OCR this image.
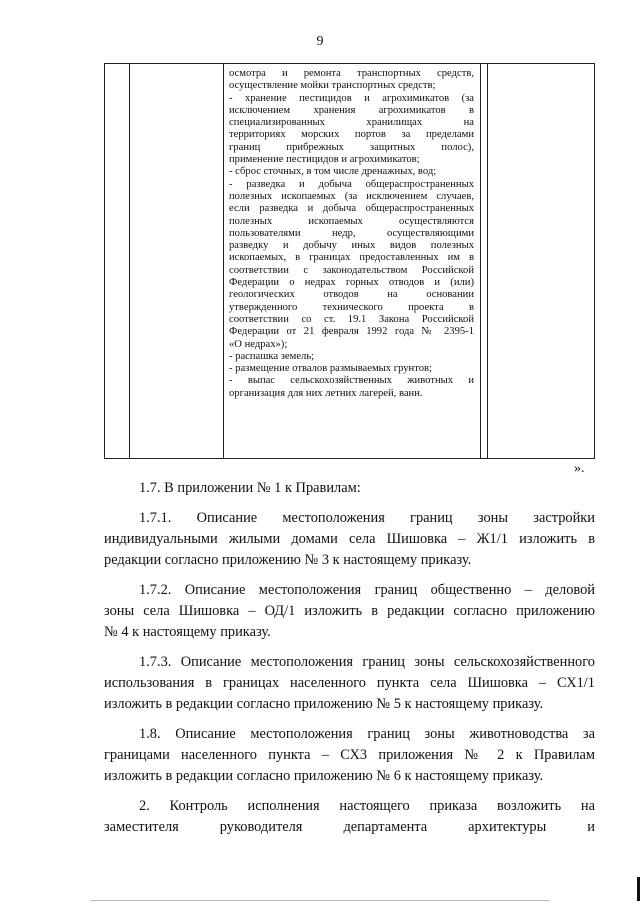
9
осмотра и ремонта транспортных средств,
осуществление мойки транспортных средств;
- хранение пестицидов и агрохимикатов (за
исключением хранения агрохимикатов в
специализированных хранилищах на
территориях морских портов за пределами
границ прибрежных защитных полос),
применение пестицидов и агрохимикатов;
- сброс сточных, в том числе дренажных, вод;
- разведка и добыча общераспространенных
полезных ископаемых (за исключением случаев,
если разведка и добыча общераспространенных
полезных ископаемых осуществляются
пользователями недр, осуществляющими
разведку и добычу иных видов полезных
ископаемых, в границах предоставленных им в
соответствии с законодательством Российской
Федерации о недрах горных отводов и (или)
геологических отводов на основании
утвержденного технического проекта в
соответствии со ст. 19.1 Закона Российской
Федерации от 21 февраля 1992 года № 2395-1
«О недрах»);
- распашка земель;
- размещение отвалов размываемых грунтов;
- выпас сельскохозяйственных животных и
организация для них летних лагерей, ванн.
».
1.7. В приложении № 1 к Правилам:
1.7.1. Описание местоположения границ зоны застройки
индивидуальными жилыми домами села Шишовка – Ж1/1 изложить в
редакции согласно приложению № 3 к настоящему приказу.
1.7.2. Описание местоположения границ общественно – деловой
зоны села Шишовка – ОД/1 изложить в редакции согласно приложению
№ 4 к настоящему приказу.
1.7.3. Описание местоположения границ зоны сельскохозяйственного
использования в границах населенного пункта села Шишовка – СХ1/1
изложить в редакции согласно приложению № 5 к настоящему приказу.
1.8. Описание местоположения границ зоны животноводства за
границами населенного пункта – СХ3 приложения № 2 к Правилам
изложить в редакции согласно приложению № 6 к настоящему приказу.
2. Контроль исполнения настоящего приказа возложить на
заместителя руководителя департамента архитектуры и
